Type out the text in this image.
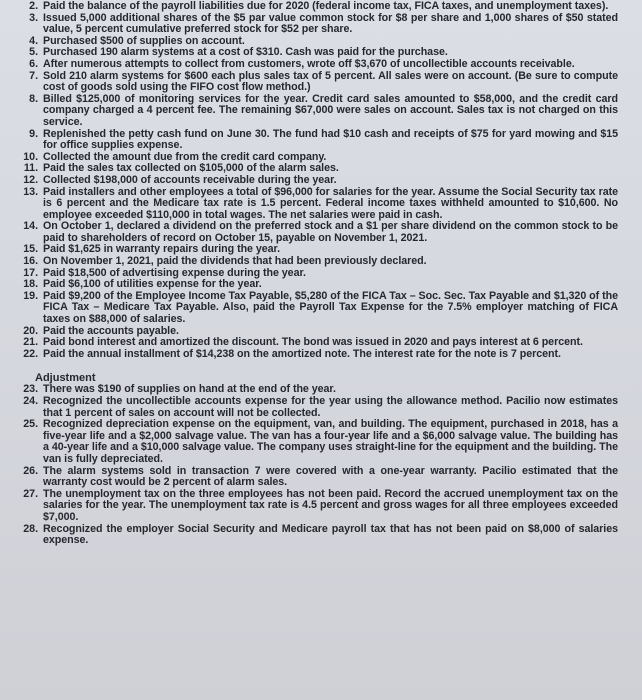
2. Paid the balance of the payroll liabilities due for 2020 (federal income tax, FICA taxes, and unemployment taxes).
3. Issued 5,000 additional shares of the $5 par value common stock for $8 per share and 1,000 shares of $50 stated value, 5 percent cumulative preferred stock for $52 per share.
4. Purchased $500 of supplies on account.
5. Purchased 190 alarm systems at a cost of $310. Cash was paid for the purchase.
6. After numerous attempts to collect from customers, wrote off $3,670 of uncollectible accounts receivable.
7. Sold 210 alarm systems for $600 each plus sales tax of 5 percent. All sales were on account. (Be sure to compute cost of goods sold using the FIFO cost flow method.)
8. Billed $125,000 of monitoring services for the year. Credit card sales amounted to $58,000, and the credit card company charged a 4 percent fee. The remaining $67,000 were sales on account. Sales tax is not charged on this service.
9. Replenished the petty cash fund on June 30. The fund had $10 cash and receipts of $75 for yard mowing and $15 for office supplies expense.
10. Collected the amount due from the credit card company.
11. Paid the sales tax collected on $105,000 of the alarm sales.
12. Collected $198,000 of accounts receivable during the year.
13. Paid installers and other employees a total of $96,000 for salaries for the year. Assume the Social Security tax rate is 6 percent and the Medicare tax rate is 1.5 percent. Federal income taxes withheld amounted to $10,600. No employee exceeded $110,000 in total wages. The net salaries were paid in cash.
14. On October 1, declared a dividend on the preferred stock and a $1 per share dividend on the common stock to be paid to shareholders of record on October 15, payable on November 1, 2021.
15. Paid $1,625 in warranty repairs during the year.
16. On November 1, 2021, paid the dividends that had been previously declared.
17. Paid $18,500 of advertising expense during the year.
18. Paid $6,100 of utilities expense for the year.
19. Paid $9,200 of the Employee Income Tax Payable, $5,280 of the FICA Tax – Soc. Sec. Tax Payable and $1,320 of the FICA Tax – Medicare Tax Payable. Also, paid the Payroll Tax Expense for the 7.5% employer matching of FICA taxes on $88,000 of salaries.
20. Paid the accounts payable.
21. Paid bond interest and amortized the discount. The bond was issued in 2020 and pays interest at 6 percent.
22. Paid the annual installment of $14,238 on the amortized note. The interest rate for the note is 7 percent.
Adjustment
23. There was $190 of supplies on hand at the end of the year.
24. Recognized the uncollectible accounts expense for the year using the allowance method. Pacilio now estimates that 1 percent of sales on account will not be collected.
25. Recognized depreciation expense on the equipment, van, and building. The equipment, purchased in 2018, has a five-year life and a $2,000 salvage value. The van has a four-year life and a $6,000 salvage value. The building has a 40-year life and a $10,000 salvage value. The company uses straight-line for the equipment and the building. The van is fully depreciated.
26. The alarm systems sold in transaction 7 were covered with a one-year warranty. Pacilio estimated that the warranty cost would be 2 percent of alarm sales.
27. The unemployment tax on the three employees has not been paid. Record the accrued unemployment tax on the salaries for the year. The unemployment tax rate is 4.5 percent and gross wages for all three employees exceeded $7,000.
28. Recognized the employer Social Security and Medicare payroll tax that has not been paid on $8,000 of salaries expense.
